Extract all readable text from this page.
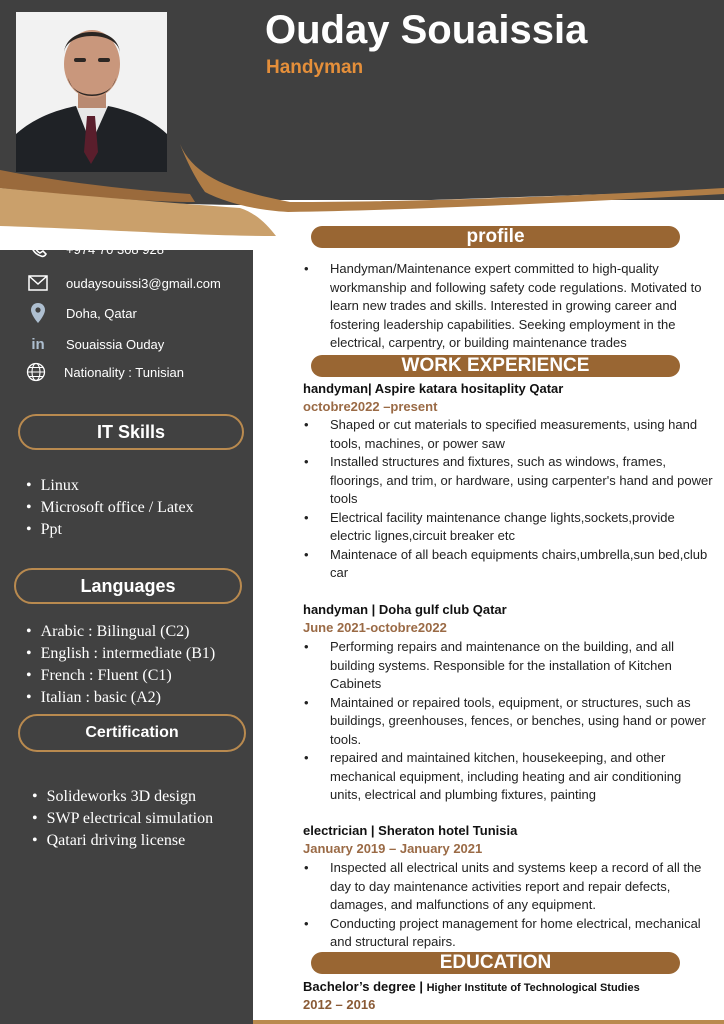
Ouday Souaissia
Handyman
+974 70 308 928
oudaysouissi3@gmail.com
Doha, Qatar
in	Souaissia Ouday
Nationality : Tunisian
IT Skills
• Linux
• Microsoft office / Latex
• Ppt
Languages
• Arabic : Bilingual (C2)
• English : intermediate (B1)
• French : Fluent (C1)
• Italian : basic (A2)
Certification
• Solideworks 3D design
• SWP electrical simulation
• Qatari driving license
profile
• Handyman/Maintenance expert committed to high-quality workmanship and following safety code regulations. Motivated to learn new trades and skills. Interested in growing career and fostering leadership capabilities. Seeking employment in the electrical, carpentry, or building maintenance trades
WORK EXPERIENCE
handyman| Aspire katara hositaplity Qatar
octobre2022 –present
• Shaped or cut materials to specified measurements, using hand tools, machines, or power saw
• Installed structures and fixtures, such as windows, frames, floorings, and trim, or hardware, using carpenter's hand and power tools
• Electrical facility maintenance change lights,sockets,provide electric lignes,circuit breaker etc
• Maintenace of all beach equipments chairs,umbrella,sun bed,club car
handyman | Doha gulf club Qatar
June 2021-octobre2022
• Performing repairs and maintenance on the building, and all building systems. Responsible for the installation of Kitchen Cabinets
• Maintained or repaired tools, equipment, or structures, such as buildings, greenhouses, fences, or benches, using hand or power tools.
• repaired and maintained kitchen, housekeeping, and other mechanical equipment, including heating and air conditioning units, electrical and plumbing fixtures, painting
electrician | Sheraton hotel Tunisia
January 2019 – January 2021
• Inspected all electrical units and systems keep a record of all the day to day maintenance activities report and repair defects, damages, and malfunctions of any equipment.
• Conducting project management for home electrical, mechanical and structural repairs.
EDUCATION
Bachelor’s degree | Higher Institute of Technological Studies
2012 – 2016
